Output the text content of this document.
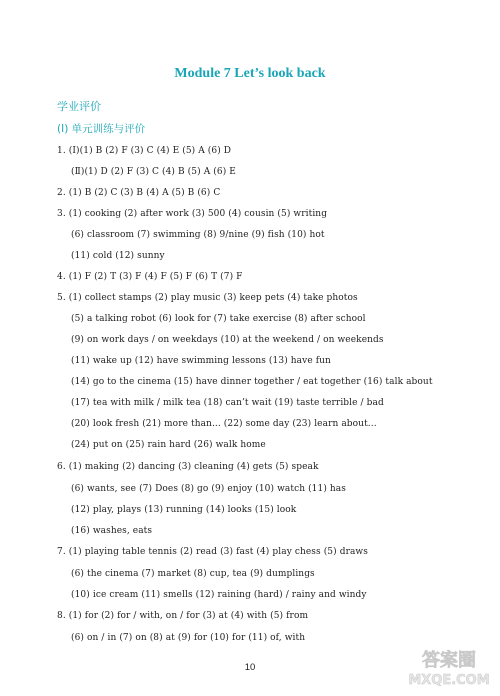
Module 7 Let’s look back
学业评价
(Ⅰ) 单元训练与评价
1. (Ⅰ)(1) B (2) F (3) C (4) E (5) A (6) D
(Ⅱ)(1) D (2) F (3) C (4) B (5) A (6) E
2. (1) B (2) C (3) B (4) A (5) B (6) C
3. (1) cooking (2) after work (3) 500 (4) cousin (5) writing
(6) classroom (7) swimming (8) 9/nine (9) fish (10) hot
(11) cold (12) sunny
4. (1) F (2) T (3) F (4) F (5) F (6) T (7) F
5. (1) collect stamps (2) play music (3) keep pets (4) take photos
(5) a talking robot (6) look for (7) take exercise (8) after school
(9) on work days / on weekdays (10) at the weekend / on weekends
(11) wake up (12) have swimming lessons (13) have fun
(14) go to the cinema (15) have dinner together / eat together (16) talk about
(17) tea with milk / milk tea (18) can’t wait (19) taste terrible / bad
(20) look fresh (21) more than... (22) some day (23) learn about...
(24) put on (25) rain hard (26) walk home
6. (1) making (2) dancing (3) cleaning (4) gets (5) speak
(6) wants, see (7) Does (8) go (9) enjoy (10) watch (11) has
(12) play, plays (13) running (14) looks (15) look
(16) washes, eats
7. (1) playing table tennis (2) read (3) fast (4) play chess (5) draws
(6) the cinema (7) market (8) cup, tea (9) dumplings
(10) ice cream (11) smells (12) raining (hard) / rainy and windy
8. (1) for (2) for / with, on / for (3) at (4) with (5) from
(6) on / in (7) on (8) at (9) for (10) for (11) of, with
10	答案圈
MXQE.COM
